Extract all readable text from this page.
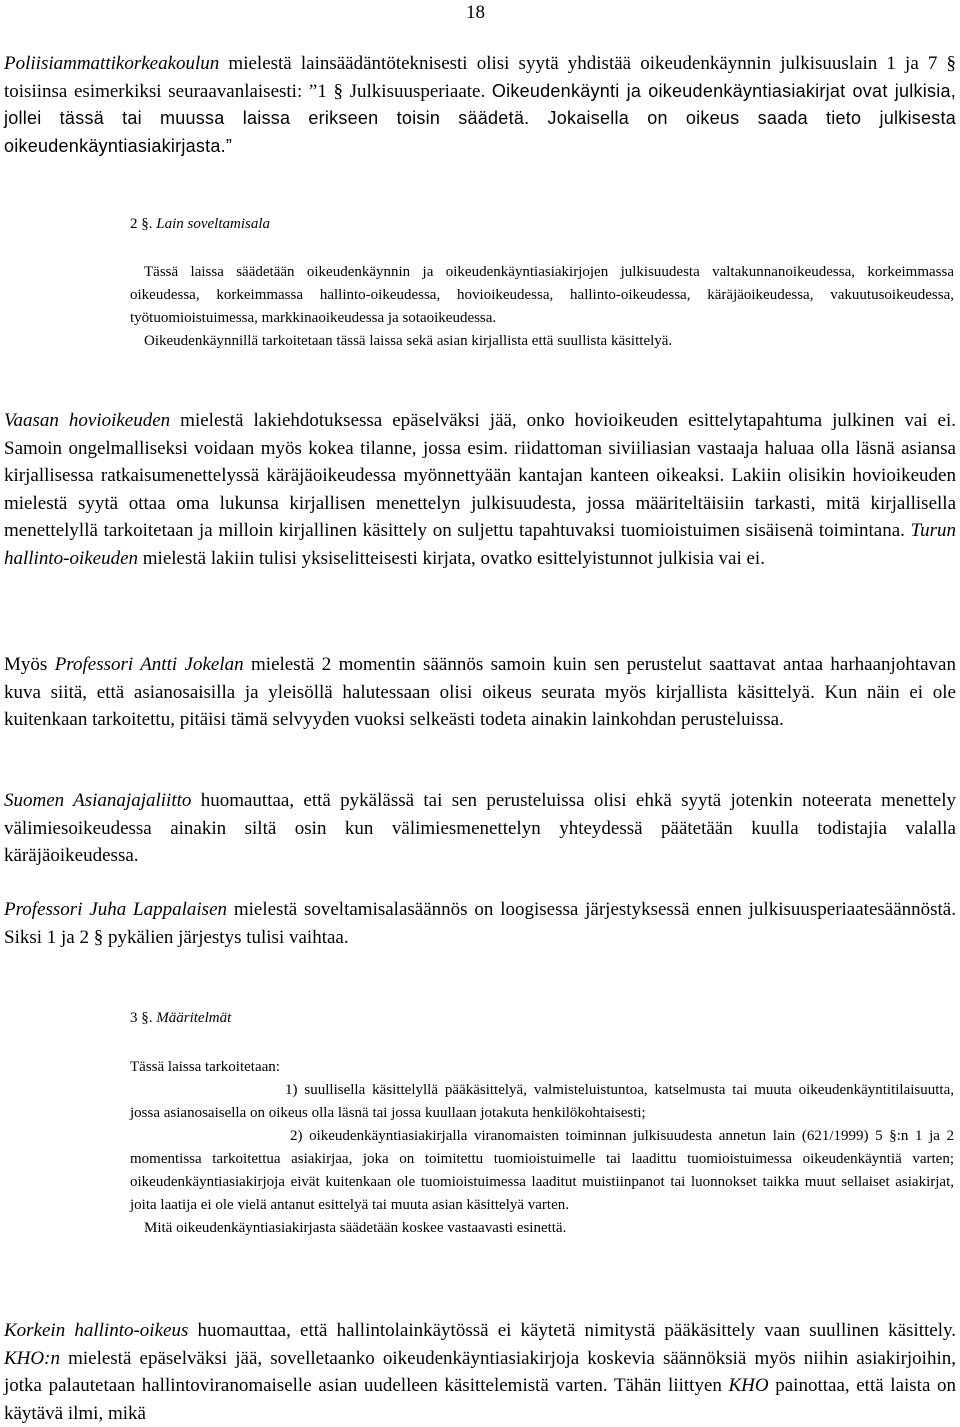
18

Poliisiammattikorkeakoulun mielestä lainsäädäntöteknisesti olisi syytä yhdistää oikeudenkäynnin julkisuuslain 1 ja 7 § toisiinsa esimerkiksi seuraavanlaisesti: ”1 § Julkisuusperiaate. Oikeudenkäynti ja oikeudenkäyntiasiakirjat ovat julkisia, jollei tässä tai muussa laissa erikseen toisin säädetä. Jokaisella on oikeus saada tieto julkisesta oikeudenkäyntiasiakirjasta.”

2 §. Lain soveltamisala

Tässä laissa säädetään oikeudenkäynnin ja oikeudenkäyntiasiakirjojen julkisuudesta valtakunnanoikeudessa, korkeimmassa oikeudessa, korkeimmassa hallinto-oikeudessa, hovioikeudessa, hallinto-oikeudessa, käräjäoikeudessa, vakuutusoikeudessa, työtuomioistuimessa, markkinaoikeudessa ja sotaoikeudessa.

Oikeudenkäynnillä tarkoitetaan tässä laissa sekä asian kirjallista että suullista käsittelyä.

Vaasan hovioikeuden mielestä lakiehdotuksessa epäselväksi jää, onko hovioikeuden esittelytapahtuma julkinen vai ei. Samoin ongelmalliseksi voidaan myös kokea tilanne, jossa esim. riidattoman siviiliasian vastaaja haluaa olla läsnä asiansa kirjallisessa ratkaisumenettelyssä käräjäoikeudessa myönnettyään kantajan kanteen oikeaksi. Lakiin olisikin hovioikeuden mielestä syytä ottaa oma lukunsa kirjallisen menettelyn julkisuudesta, jossa määriteltäisiin tarkasti, mitä kirjallisella menettelyllä tarkoitetaan ja milloin kirjallinen käsittely on suljettu tapahtuvaksi tuomioistuimen sisäisenä toimintana. Turun hallinto-oikeuden mielestä lakiin tulisi yksiselitteisesti kirjata, ovatko esittelyistunnot julkisia vai ei.

Myös Professori Antti Jokelan mielestä 2 momentin säännös samoin kuin sen perustelut saattavat antaa harhaanjohtavan kuva siitä, että asianosaisilla ja yleisöllä halutessaan olisi oikeus seurata myös kirjallista käsittelyä. Kun näin ei ole kuitenkaan tarkoitettu, pitäisi tämä selvyyden vuoksi selkeästi todeta ainakin lainkohdan perusteluissa.

Suomen Asianajajaliitto huomauttaa, että pykälässä tai sen perusteluissa olisi ehkä syytä jotenkin noteerata menettely välimiesoikeudessa ainakin siltä osin kun välimiesmenettelyn yhteydessä päätetään kuulla todistajia valalla käräjäoikeudessa.

Professori Juha Lappalaisen mielestä soveltamisalasäännös on loogisessa järjestyksessä ennen julkisuusperiaatesäännöstä. Siksi 1 ja 2 § pykälien järjestys tulisi vaihtaa.

3 §. Määritelmät

Tässä laissa tarkoitetaan:

1) suullisella käsittelyllä pääkäsittelyä, valmisteluistuntoa, katselmusta tai muuta oikeudenkäyntitilaisuutta, jossa asianosaisella on oikeus olla läsnä tai jossa kuullaan jotakuta henkilökohtaisesti;

2) oikeudenkäyntiasiakirjalla viranomaisten toiminnan julkisuudesta annetun lain (621/1999) 5 §:n 1 ja 2 momentissa tarkoitettua asiakirjaa, joka on toimitettu tuomioistuimelle tai laadittu tuomioistuimessa oikeudenkäyntiä varten; oikeudenkäyntiasiakirjoja eivät kuitenkaan ole tuomioistuimessa laaditut muistiinpanot tai luonnokset taikka muut sellaiset asiakirjat, joita laatija ei ole vielä antanut esittelyä tai muuta asian käsittelyä varten.

Mitä oikeudenkäyntiasiakirjasta säädetään koskee vastaavasti esinettä.

Korkein hallinto-oikeus huomauttaa, että hallintolainkäytössä ei käytetä nimitystä pääkäsittely vaan suullinen käsittely. KHO:n mielestä epäselväksi jää, sovelletaanko oikeudenkäyntiasiakirjoja koskevia säännöksiä myös niihin asiakirjoihin, jotka palautetaan hallintoviranomaiselle asian uudelleen käsittelemistä varten. Tähän liittyen KHO painottaa, että laista on käytävä ilmi, mikä
